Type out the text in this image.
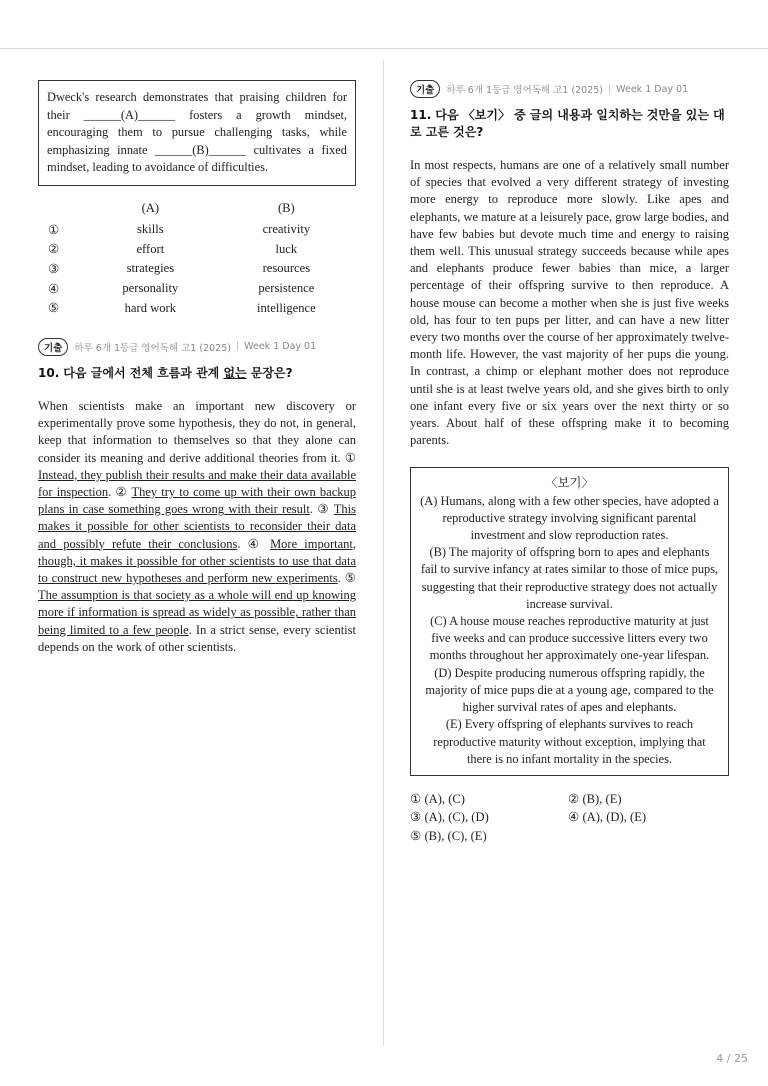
Dweck's research demonstrates that praising children for their ______(A)______ fosters a growth mindset, encouraging them to pursue challenging tasks, while emphasizing innate ______(B)______ cultivates a fixed mindset, leading to avoidance of difficulties.
	(A)	(B)
①	skills	creativity
②	effort	luck
③	strategies	resources
④	personality	persistence
⑤	hard work	intelligence
기출	하루 6개 1등급 영어독해 고1 (2025) | Week 1 Day 01
10. 다음 글에서 전체 흐름과 관계 없는 문장은?
When scientists make an important new discovery or experimentally prove some hypothesis, they do not, in general, keep that information to themselves so that they alone can consider its meaning and derive additional theories from it. ① Instead, they publish their results and make their data available for inspection. ② They try to come up with their own backup plans in case something goes wrong with their result. ③ This makes it possible for other scientists to reconsider their data and possibly refute their conclusions. ④ More important, though, it makes it possible for other scientists to use that data to construct new hypotheses and perform new experiments. ⑤ The assumption is that society as a whole will end up knowing more if information is spread as widely as possible, rather than being limited to a few people. In a strict sense, every scientist depends on the work of other scientists.
기출	하루 6개 1등급 영어독해 고1 (2025) | Week 1 Day 01
11. 다음 〈보기〉 중 글의 내용과 일치하는 것만을 있는 대로 고른 것은?
In most respects, humans are one of a relatively small number of species that evolved a very different strategy of investing more energy to reproduce more slowly. Like apes and elephants, we mature at a leisurely pace, grow large bodies, and have few babies but devote much time and energy to raising them well. This unusual strategy succeeds because while apes and elephants produce fewer babies than mice, a larger percentage of their offspring survive to then reproduce. A house mouse can become a mother when she is just five weeks old, has four to ten pups per litter, and can have a new litter every two months over the course of her approximately twelve-month life. However, the vast majority of her pups die young. In contrast, a chimp or elephant mother does not reproduce until she is at least twelve years old, and she gives birth to only one infant every five or six years over the next thirty or so years. About half of these offspring make it to becoming parents.
〈보기〉
(A) Humans, along with a few other species, have adopted a reproductive strategy involving significant parental investment and slow reproduction rates.
(B) The majority of offspring born to apes and elephants fail to survive infancy at rates similar to those of mice pups, suggesting that their reproductive strategy does not actually increase survival.
(C) A house mouse reaches reproductive maturity at just five weeks and can produce successive litters every two months throughout her approximately one-year lifespan.
(D) Despite producing numerous offspring rapidly, the majority of mice pups die at a young age, compared to the higher survival rates of apes and elephants.
(E) Every offspring of elephants survives to reach reproductive maturity without exception, implying that there is no infant mortality in the species.
① (A), (C)	② (B), (E)
③ (A), (C), (D)	④ (A), (D), (E)
⑤ (B), (C), (E)
4 / 25
